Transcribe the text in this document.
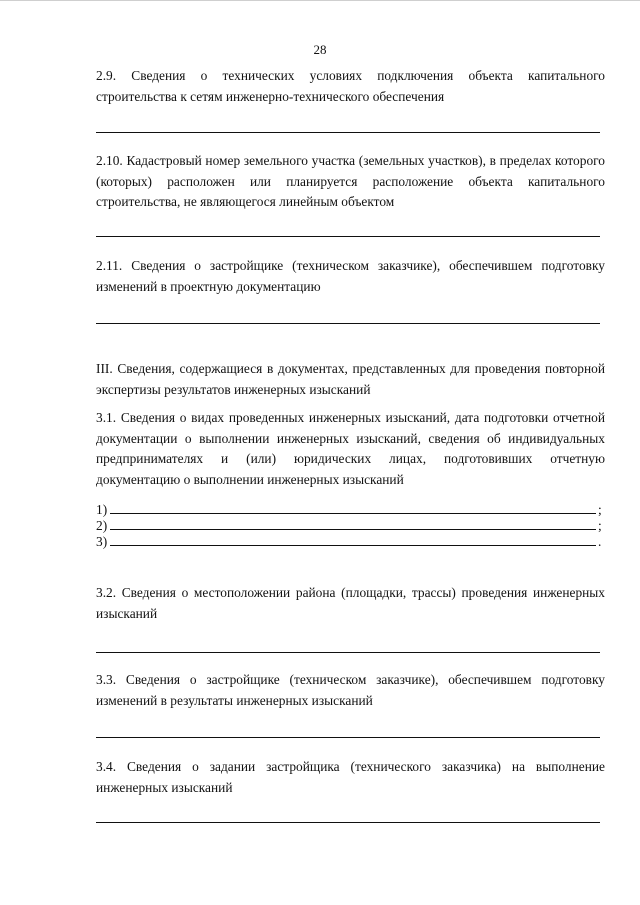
28
2.9. Сведения о технических условиях подключения объекта капитального строительства к сетям инженерно-технического обеспечения
2.10. Кадастровый номер земельного участка (земельных участков), в пределах которого (которых) расположен или планируется расположение объекта капитального строительства, не являющегося линейным объектом
2.11. Сведения о застройщике (техническом заказчике), обеспечившем подготовку изменений в проектную документацию
III. Сведения, содержащиеся в документах, представленных для проведения повторной экспертизы результатов инженерных изысканий
3.1. Сведения о видах проведенных инженерных изысканий, дата подготовки отчетной документации о выполнении инженерных изысканий, сведения об индивидуальных предпринимателях и (или) юридических лицах, подготовивших отчетную документацию о выполнении инженерных изысканий
1)	;
2)	;
3)	.
3.2. Сведения о местоположении района (площадки, трассы) проведения инженерных изысканий
3.3. Сведения о застройщике (техническом заказчике), обеспечившем подготовку изменений в результаты инженерных изысканий
3.4. Сведения о задании застройщика (технического заказчика) на выполнение инженерных изысканий
